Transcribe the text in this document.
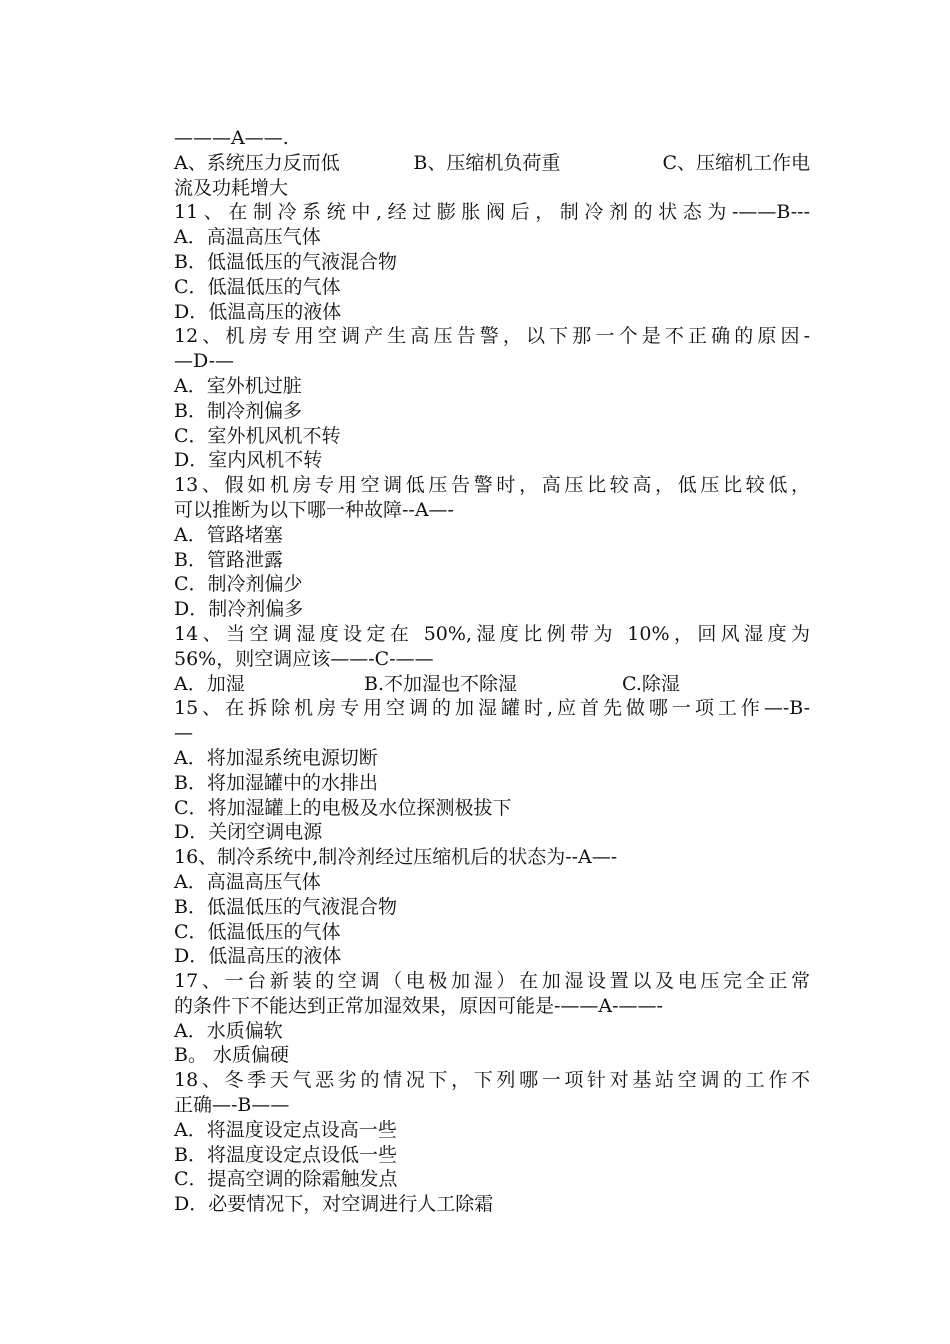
———A——.
A、系统压力反而低	B、压缩机负荷重	C、压缩机工作电
流及功耗增大
11、在制冷系统中,经过膨胀阀后，制冷剂的状态为-——B---
A．高温高压气体
B．低温低压的气液混合物
C．低温低压的气体
D．低温高压的液体
12、机房专用空调产生高压告警，以下那一个是不正确的原因-
—D-—
A．室外机过脏
B．制冷剂偏多
C．室外机风机不转
D．室内风机不转
13、假如机房专用空调低压告警时，高压比较高，低压比较低，
可以推断为以下哪一种故障--A—-
A．管路堵塞
B．管路泄露
C．制冷剂偏少
D．制冷剂偏多
14、当空调湿度设定在 50%,湿度比例带为 10%，回风湿度为
56%，则空调应该——-C-——
A．加湿	B.不加湿也不除湿	C.除湿
15、在拆除机房专用空调的加湿罐时,应首先做哪一项工作—-B-
—
A．将加湿系统电源切断
B．将加湿罐中的水排出
C．将加湿罐上的电极及水位探测极拔下
D．关闭空调电源
16、制冷系统中,制冷剂经过压缩机后的状态为--A—-
A．高温高压气体
B．低温低压的气液混合物
C．低温低压的气体
D．低温高压的液体
17、一台新装的空调（电极加湿）在加湿设置以及电压完全正常
的条件下不能达到正常加湿效果，原因可能是-——A-——-
A．水质偏软
B。 水质偏硬
18、冬季天气恶劣的情况下，下列哪一项针对基站空调的工作不
正确—-B——
A．将温度设定点设高一些
B．将温度设定点设低一些
C．提高空调的除霜触发点
D．必要情况下，对空调进行人工除霜
